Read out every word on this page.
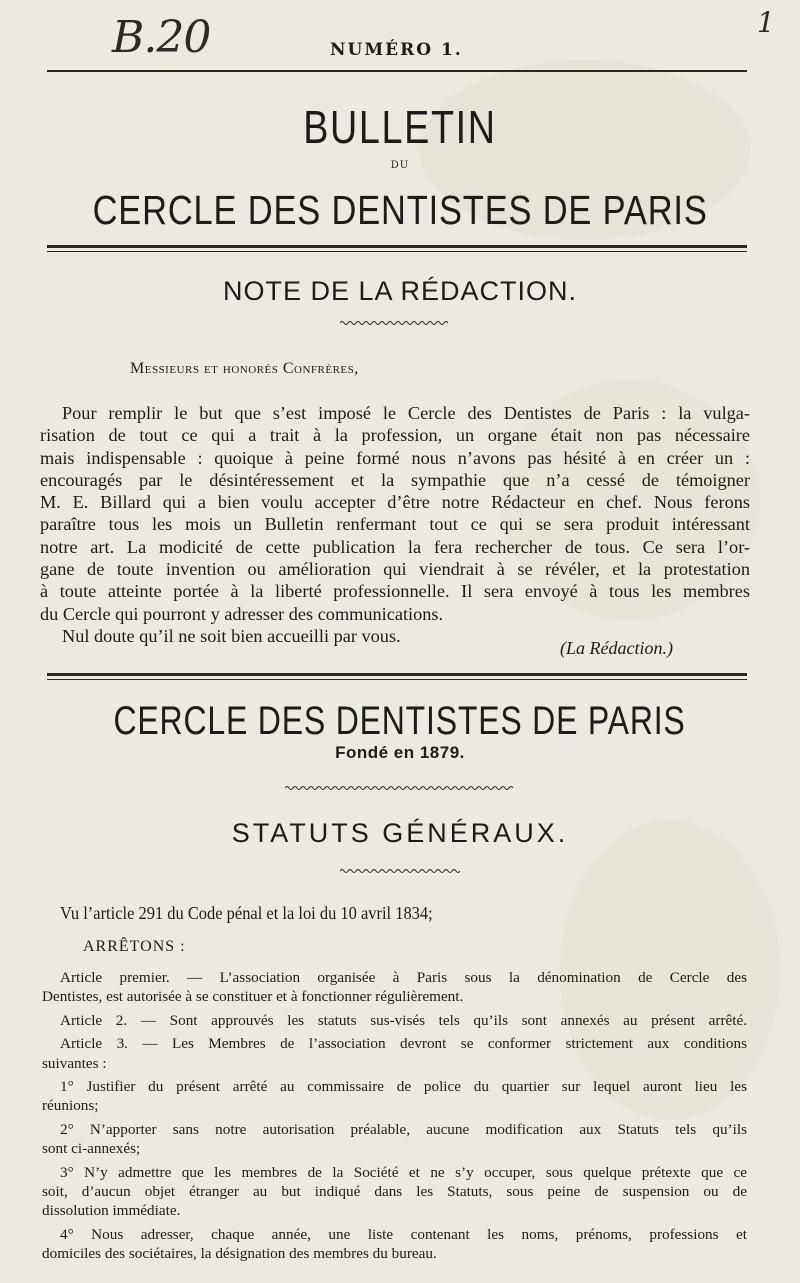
B.20	1
NUMÉRO 1.
BULLETIN
DU
CERCLE DES DENTISTES DE PARIS
NOTE DE LA RÉDACTION.
Messieurs et honorés Confrères,
Pour remplir le but que s’est imposé le Cercle des Dentistes de Paris : la vulga-
risation de tout ce qui a trait à la profession, un organe était non pas nécessaire
mais indispensable : quoique à peine formé nous n’avons pas hésité à en créer un :
encouragés par le désintéressement et la sympathie que n’a cessé de témoigner
M. E. Billard qui a bien voulu accepter d’être notre Rédacteur en chef. Nous ferons
paraître tous les mois un Bulletin renfermant tout ce qui se sera produit intéressant
notre art. La modicité de cette publication la fera rechercher de tous. Ce sera l’or-
gane de toute invention ou amélioration qui viendrait à se révéler, et la protestation
à toute atteinte portée à la liberté professionnelle. Il sera envoyé à tous les membres
du Cercle qui pourront y adresser des communications.
Nul doute qu’il ne soit bien accueilli par vous.
(La Rédaction.)
CERCLE DES DENTISTES DE PARIS
Fondé en 1879.
STATUTS GÉNÉRAUX.
Vu l’article 291 du Code pénal et la loi du 10 avril 1834;
ARRÊTONS :
Article premier. — L’association organisée à Paris sous la dénomination de Cercle des
Dentistes, est autorisée à se constituer et à fonctionner régulièrement.
Article 2. — Sont approuvés les statuts sus-visés tels qu’ils sont annexés au présent arrêté.
Article 3. — Les Membres de l’association devront se conformer strictement aux conditions
suivantes :
1° Justifier du présent arrêté au commissaire de police du quartier sur lequel auront lieu les
réunions;
2° N’apporter sans notre autorisation préalable, aucune modification aux Statuts tels qu’ils
sont ci-annexés;
3° N’y admettre que les membres de la Société et ne s’y occuper, sous quelque prétexte que ce
soit, d’aucun objet étranger au but indiqué dans les Statuts, sous peine de suspension ou de
dissolution immédiate.
4° Nous adresser, chaque année, une liste contenant les noms, prénoms, professions et
domiciles des sociétaires, la désignation des membres du bureau.
